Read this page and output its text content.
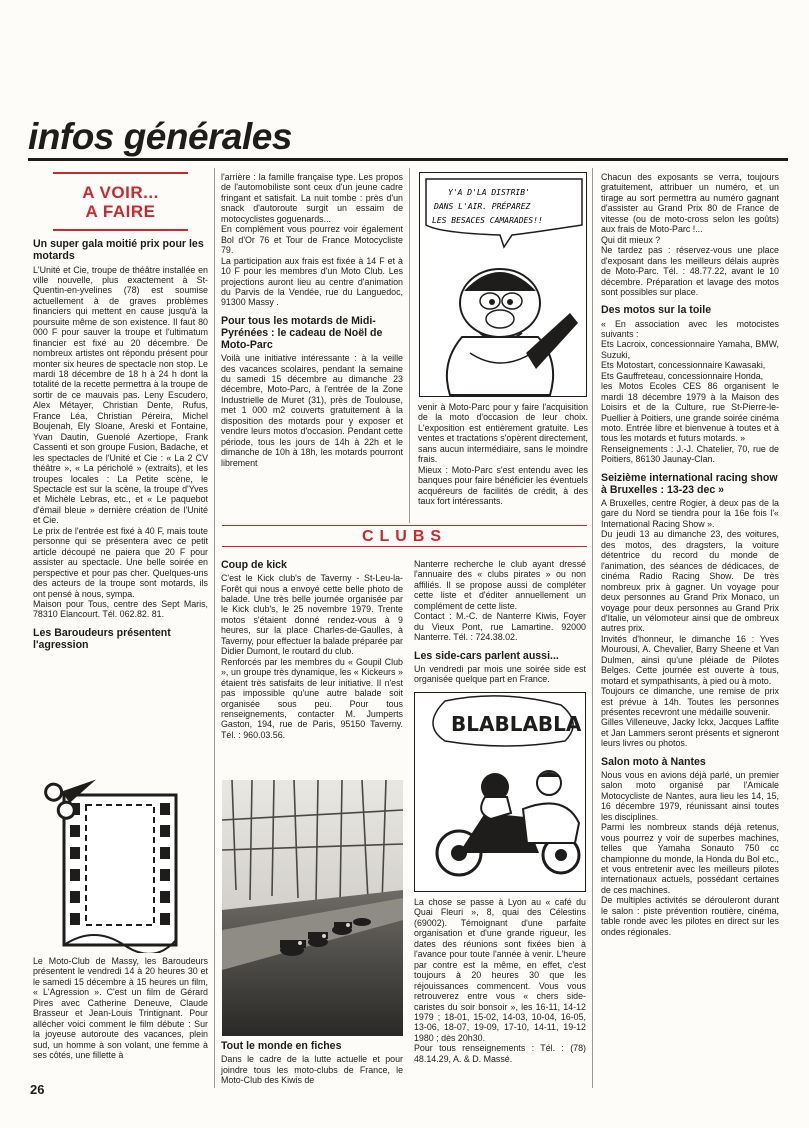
infos générales
A VOIR...
A FAIRE
Un super gala moitié prix pour les motards

L'Unité et Cie, troupe de théâtre installée en ville nouvelle, plus exactement à St-Quentin-en-yvelines (78) est soumise actuellement à de graves problèmes financiers qui mettent en cause jusqu'à la poursuite même de son existence. Il faut 80 000 F pour sauver la troupe et l'ultimatum financier est fixé au 20 décembre. De nombreux artistes ont répondu présent pour monter six heures de spectacle non stop. Le mardi 18 décembre de 18 h à 24 h dont la totalité de la recette permettra à la troupe de sortir de ce mauvais pas. Leny Escudero, Alex Métayer, Christian Dente, Rufus, France Léa, Christian Péreira, Michel Boujenah, Ely Sloane, Areski et Fontaine, Yvan Dautin, Guenolé Azertiope, Frank Cassenti et son groupe Fusion, Badache, et les spectacles de l'Unité et Cie : « La 2 CV théâtre », « La péricholé » (extraits), et les troupes locales : La Petite scène, le Spectacle est sur la scène, la troupe d'Yves et Michèle Lebras, etc., et « Le paquebot d'émail bleue » dernière création de l'Unité et Cie.

Le prix de l'entrée est fixé à 40 F, mais toute personne qui se présentera avec ce petit article découpé ne paiera que 20 F pour assister au spectacle. Une belle soirée en perspective et pour pas cher. Quelques-uns des acteurs de la troupe sont motards, ils ont pensé à nous, sympa.

Maison pour Tous, centre des Sept Maris, 78310 Elancourt. Tél. 062.82. 81.

Les Baroudeurs présentent l'agression

Le Moto-Club de Massy, les Baroudeurs présentent le vendredi 14 à 20 heures 30 et le samedi 15 décembre à 15 heures un film, « L'Agression ». C'est un film de Gérard Pires avec Catherine Deneuve, Claude Brasseur et Jean-Louis Trintignant. Pour allécher voici comment le film débute : Sur la joyeuse autoroute des vacances, plein sud, un homme à son volant, une femme à ses côtés, une fillette à

26

l'arrière : la famille française type. Les propos de l'automobiliste sont ceux d'un jeune cadre fringant et satisfait. La nuit tombe : près d'un snack d'autoroute surgit un essaim de motocyclistes goguenards...

En complément vous pourrez voir également Bol d'Or 76 et Tour de France Motocycliste 79.

La participation aux frais est fixée à 14 F et à 10 F pour les membres d'un Moto Club. Les projections auront lieu au centre d'animation du Parvis de la Vendée, rue du Languedoc, 91300 Massy .

Pour tous les motards de Midi-Pyrénées : le cadeau de Noël de Moto-Parc

Voilà une initiative intéressante : à la veille des vacances scolaires, pendant la semaine du samedi 15 décembre au dimanche 23 décembre, Moto-Parc, à l'entrée de la Zone Industrielle de Muret (31), près de Toulouse, met 1 000 m2 couverts gratuitement à la disposition des motards pour y exposer et vendre leurs motos d'occasion. Pendant cette période, tous les jours de 14h à 22h et le dimanche de 10h à 18h, les motards pourront librement

Y'A D'LA DISTRIB'
DANS L'AIR. PRÉPAREZ
LES BESACES CAMARADES!!

venir à Moto-Parc pour y faire l'acquisition de la moto d'occasion de leur choix. L'exposition est entièrement gratuite. Les ventes et tractations s'opèrent directement, sans aucun intermédiaire, sans le moindre frais.

Mieux : Moto-Parc s'est entendu avec les banques pour faire bénéficier les éventuels acquéreurs de facilités de crédit, à des taux fort intéressants.

CLUBS
Coup de kick

C'est le Kick club's de Taverny - St-Leu-la-Forêt qui nous a envoyé cette belle photo de balade. Une très belle journée organisée par le Kick club's, le 25 novembre 1979. Trente motos s'étaient donné rendez-vous à 9 heures, sur la place Charles-de-Gaulles, à Taverny, pour effectuer la balade préparée par Didier Dumont, le routard du club.

Renforcés par les membres du « Goupil Club », un groupe très dynamique, les « Kickeurs » étaient très satisfaits de leur initiative. Il n'est pas impossible qu'une autre balade soit organisée sous peu. Pour tous renseignements, contacter M. Jumperts Gaston, 194, rue de Paris, 95150 Taverny. Tél. : 960.03.56.

Tout le monde en fiches

Dans le cadre de la lutte actuelle et pour joindre tous les moto-clubs de France, le Moto-Club des Kiwis de

Nanterre recherche le club ayant dressé l'annuaire des « clubs pirates » ou non affiliés. Il se propose aussi de compléter cette liste et d'éditer annuellement un complément de cette liste.

Contact : M.-C. de Nanterre Kiwis, Foyer du Vieux Pont, rue Lamartine. 92000 Nanterre. Tél. : 724.38.02.

Les side-cars parlent aussi...

Un vendredi par mois une soirée side est organisée quelque part en France.

BLABLABLA

La chose se passe à Lyon au « café du Quai Fleuri », 8, quai des Célestins (69002). Témoignant d'une parfaite organisation et d'une grande rigueur, les dates des réunions sont fixées bien à l'avance pour toute l'année à venir. L'heure par contre est la même, en effet, c'est toujours à 20 heures 30 que les réjouissances commencent. Vous vous retrouverez entre vous « chers side-caristes du soir bonsoir », les 16-11, 14-12 1979 ; 18-01, 15-02, 14-03, 10-04, 16-05, 13-06, 18-07, 19-09, 17-10, 14-11, 19-12 1980 ; dès 20h30.

Pour tous renseignements : Tél. : (78) 48.14.29, A. & D. Massé.

Chacun des exposants se verra, toujours gratuitement, attribuer un numéro, et un tirage au sort permettra au numéro gagnant d'assister au Grand Prix 80 de France de vitesse (ou de moto-cross selon les goûts) aux frais de Moto-Parc !...

Qui dit mieux ?

Ne tardez pas : réservez-vous une place d'exposant dans les meilleurs délais auprès de Moto-Parc. Tél. : 48.77.22, avant le 10 décembre. Préparation et lavage des motos sont possibles sur place.

Des motos sur la toile

« En association avec les motocistes suivants :

Ets Lacroix, concessionnaire Yamaha, BMW, Suzuki,

Ets Motostart, concessionnaire Kawasaki,

Ets Gauffreteau, concessionnaire Honda,

les Motos Ecoles CES 86 organisent le mardi 18 décembre 1979 à la Maison des Loisirs et de la Culture, rue St-Pierre-le-Puellier à Poitiers, une grande soirée cinéma moto. Entrée libre et bienvenue à toutes et à tous les motards et futurs motards. »

Renseignements : J.-J. Chatelier, 70, rue de Poitiers, 86130 Jaunay-Clan.

Seizième international racing show à Bruxelles : 13-23 dec »

A Bruxelles, centre Rogier, à deux pas de la gare du Nord se tiendra pour la 16e fois l'« International Racing Show ».

Du jeudi 13 au dimanche 23, des voitures, des motos, des dragsters, la voiture détentrice du record du monde de l'animation, des séances de dédicaces, de cinéma Radio Racing Show. De très nombreux prix à gagner. Un voyage pour deux personnes au Grand Prix Monaco, un voyage pour deux personnes au Grand Prix d'Italie, un vélomoteur ainsi que de ombreux autres prix.

Invités d'honneur, le dimanche 16 : Yves Mourousi, A. Chevalier, Barry Sheene et Van Dulmen, ainsi qu'une pléiade de Pilotes Belges. Cette journée est ouverte à tous, motard et sympathisants, à pied ou à moto.

Toujours ce dimanche, une remise de prix est prévue à 14h. Toutes les personnes présentes recevront une médaille souvenir.

Gilles Villeneuve, Jacky Ickx, Jacques Laffite et Jan Lammers seront présents et signeront leurs livres ou photos.

Salon moto à Nantes

Nous vous en avions déjà parlé, un premier salon moto organisé par l'Amicale Motocycliste de Nantes, aura lieu les 14, 15, 16 décembre 1979, réunissant ainsi toutes les disciplines.

Parmi les nombreux stands déjà retenus, vous pourrez y voir de superbes machines, telles que Yamaha Sonauto 750 cc championne du monde, la Honda du Bol etc., et vous entretenir avec les meilleurs pilotes internationaux actuels, possédant certaines de ces machines.

De multiples activités se dérouleront durant le salon : piste prévention routière, cinéma, table ronde avec les pilotes en direct sur les ondes régionales.
